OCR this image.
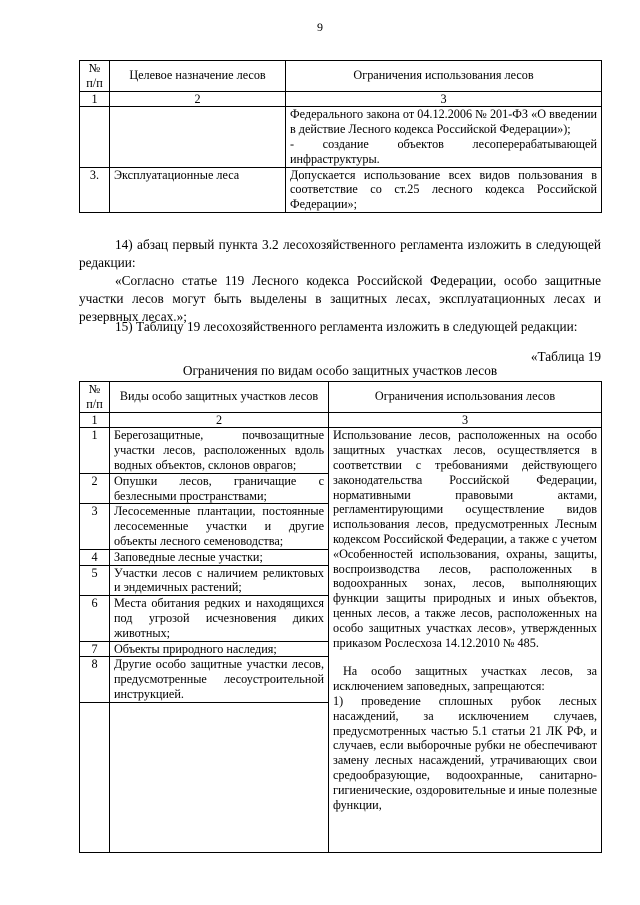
9
№
п/п	Целевое назначение лесов	Ограничения использования лесов
1	2	3
		Федерального закона от 04.12.2006 № 201-ФЗ «О введении в действие Лесного кодекса Российской Федерации»);
- создание объектов лесоперерабатывающей инфраструктуры.
3.	Эксплуатационные леса	Допускается использование всех видов пользования в соответствие со ст.25 лесного кодекса Российской Федерации»;

14) абзац первый пункта 3.2 лесохозяйственного регламента изложить в следующей редакции:

«Согласно статье 119 Лесного кодекса Российской Федерации, особо защитные участки лесов могут быть выделены в защитных лесах, эксплуатационных лесах и резервных лесах.»;

15) Таблицу 19 лесохозяйственного регламента изложить в следующей редакции:

«Таблица 19

Ограничения по видам особо защитных участков лесов

№
п/п	Виды особо защитных участков лесов	Ограничения использования лесов
1	2	3
1	Берегозащитные, почвозащитные участки лесов, расположенных вдоль водных объектов, склонов оврагов;	Использование лесов, расположенных на особо защитных участках лесов, осуществляется в соответствии с требованиями действующего законодательства Российской Федерации, нормативными правовыми актами, регламентирующими осуществление видов использования лесов, предусмотренных Лесным кодексом Российской Федерации, а также с учетом «Особенностей использования, охраны, защиты, воспроизводства лесов, расположенных в водоохранных зонах, лесов, выполняющих функции защиты природных и иных объектов, ценных лесов, а также лесов, расположенных на особо защитных участках лесов», утвержденных приказом Рослесхоза 14.12.2010 № 485.
На особо защитных участках лесов, за исключением заповедных, запрещаются:
1) проведение сплошных рубок лесных насаждений, за исключением случаев, предусмотренных частью 5.1 статьи 21 ЛК РФ, и случаев, если выборочные рубки не обеспечивают замену лесных насаждений, утрачивающих свои средообразующие, водоохранные, санитарно-гигиенические, оздоровительные и иные полезные функции,

2	Опушки лесов, граничащие с безлесными пространствами;	
3	Лесосеменные плантации, постоянные лесосеменные участки и другие объекты лесного семеноводства;	
4	Заповедные лесные участки;	
5	Участки лесов с наличием реликтовых и эндемичных растений;	
6	Места обитания редких и находящихся под угрозой исчезновения диких животных;	
7	Объекты природного наследия;	
8	Другие особо защитные участки лесов, предусмотренные лесоустроительной инструкцией.	
